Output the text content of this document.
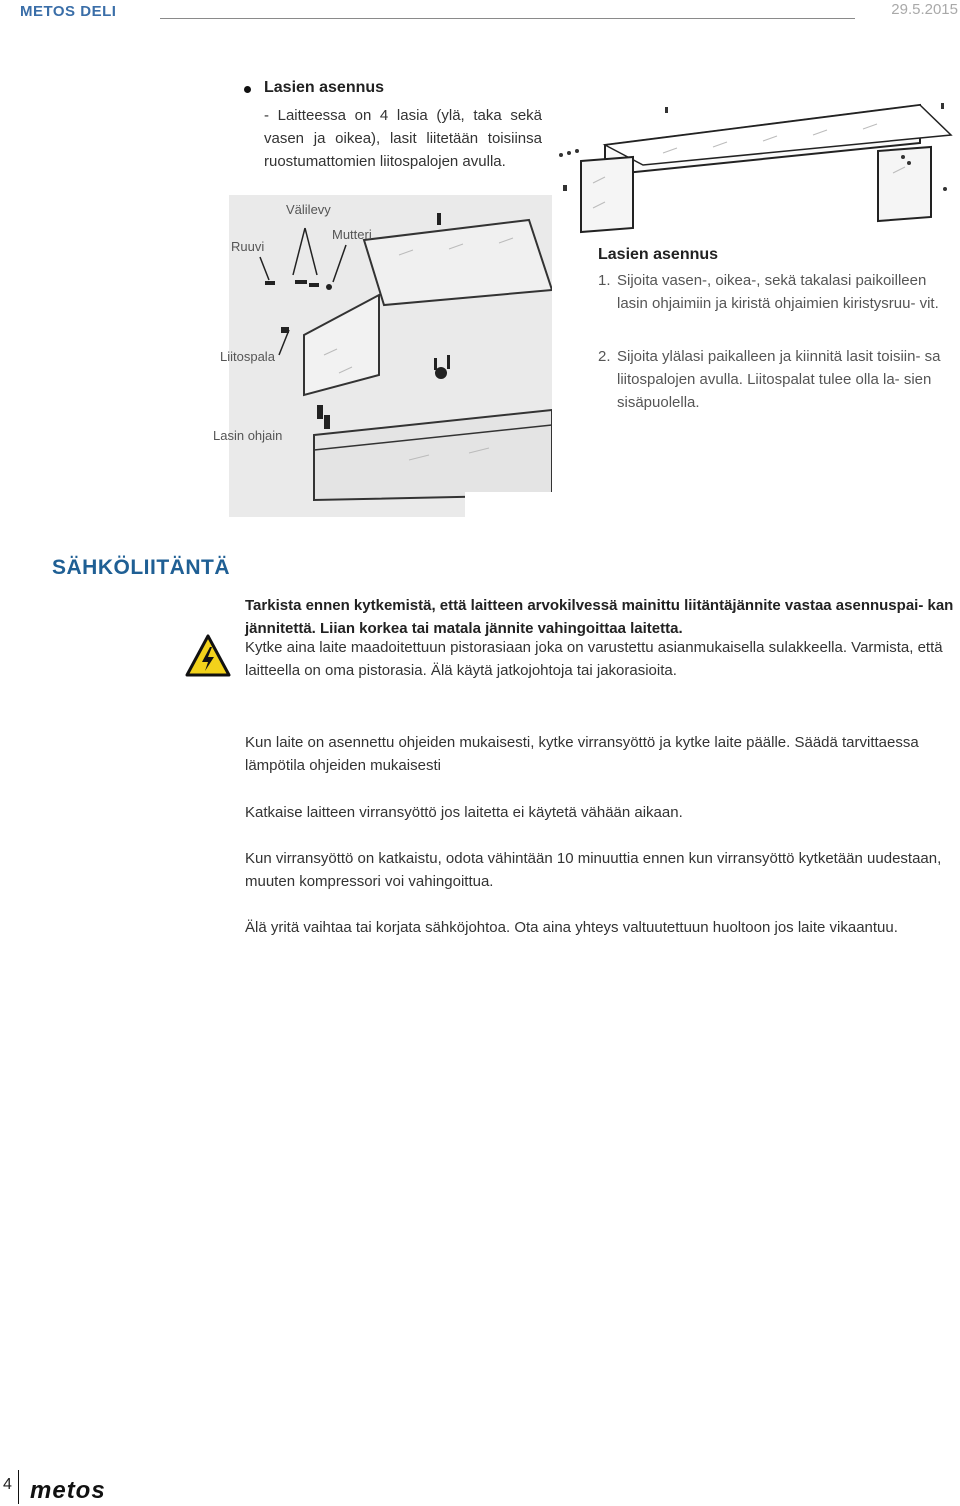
METOS DELI	29.5.2015
Lasien asennus
- Laitteessa on 4 lasia (ylä, taka sekä vasen ja oikea), lasit liitetään toisiinsa ruostumattomien liitospalojen avulla.
Välilevy
Ruuvi
Mutteri
Liitospala
Lasin ohjain
Lasien asennus
1. Sijoita vasen-, oikea-, sekä takalasi paikoilleen lasin ohjaimiin ja kiristä ohjaimien kiristysruu- vit.
2. Sijoita ylälasi paikalleen ja kiinnitä lasit toisiin- sa liitospalojen avulla. Liitospalat tulee olla la- sien sisäpuolella.
SÄHKÖLIITÄNTÄ
Tarkista ennen kytkemistä, että laitteen arvokilvessä mainittu liitäntäjännite vastaa asennuspai- kan jännitettä. Liian korkea tai matala jännite vahingoittaa laitetta.
Kytke aina laite maadoitettuun pistorasiaan joka on varustettu asianmukaisella sulakkeella. Varmista, että laitteella on oma pistorasia. Älä käytä jatkojohtoja tai jakorasioita.
Kun laite on asennettu ohjeiden mukaisesti, kytke virransyöttö ja kytke laite päälle. Säädä tarvittaessa lämpötila ohjeiden mukaisesti
Katkaise laitteen virransyöttö jos laitetta ei käytetä vähään aikaan.
Kun virransyöttö on katkaistu, odota vähintään 10 minuuttia ennen kun virransyöttö kytketään uudestaan, muuten kompressori voi vahingoittua.
Älä yritä vaihtaa tai korjata sähköjohtoa. Ota aina yhteys valtuutettuun huoltoon jos laite vikaantuu.
4 metos
